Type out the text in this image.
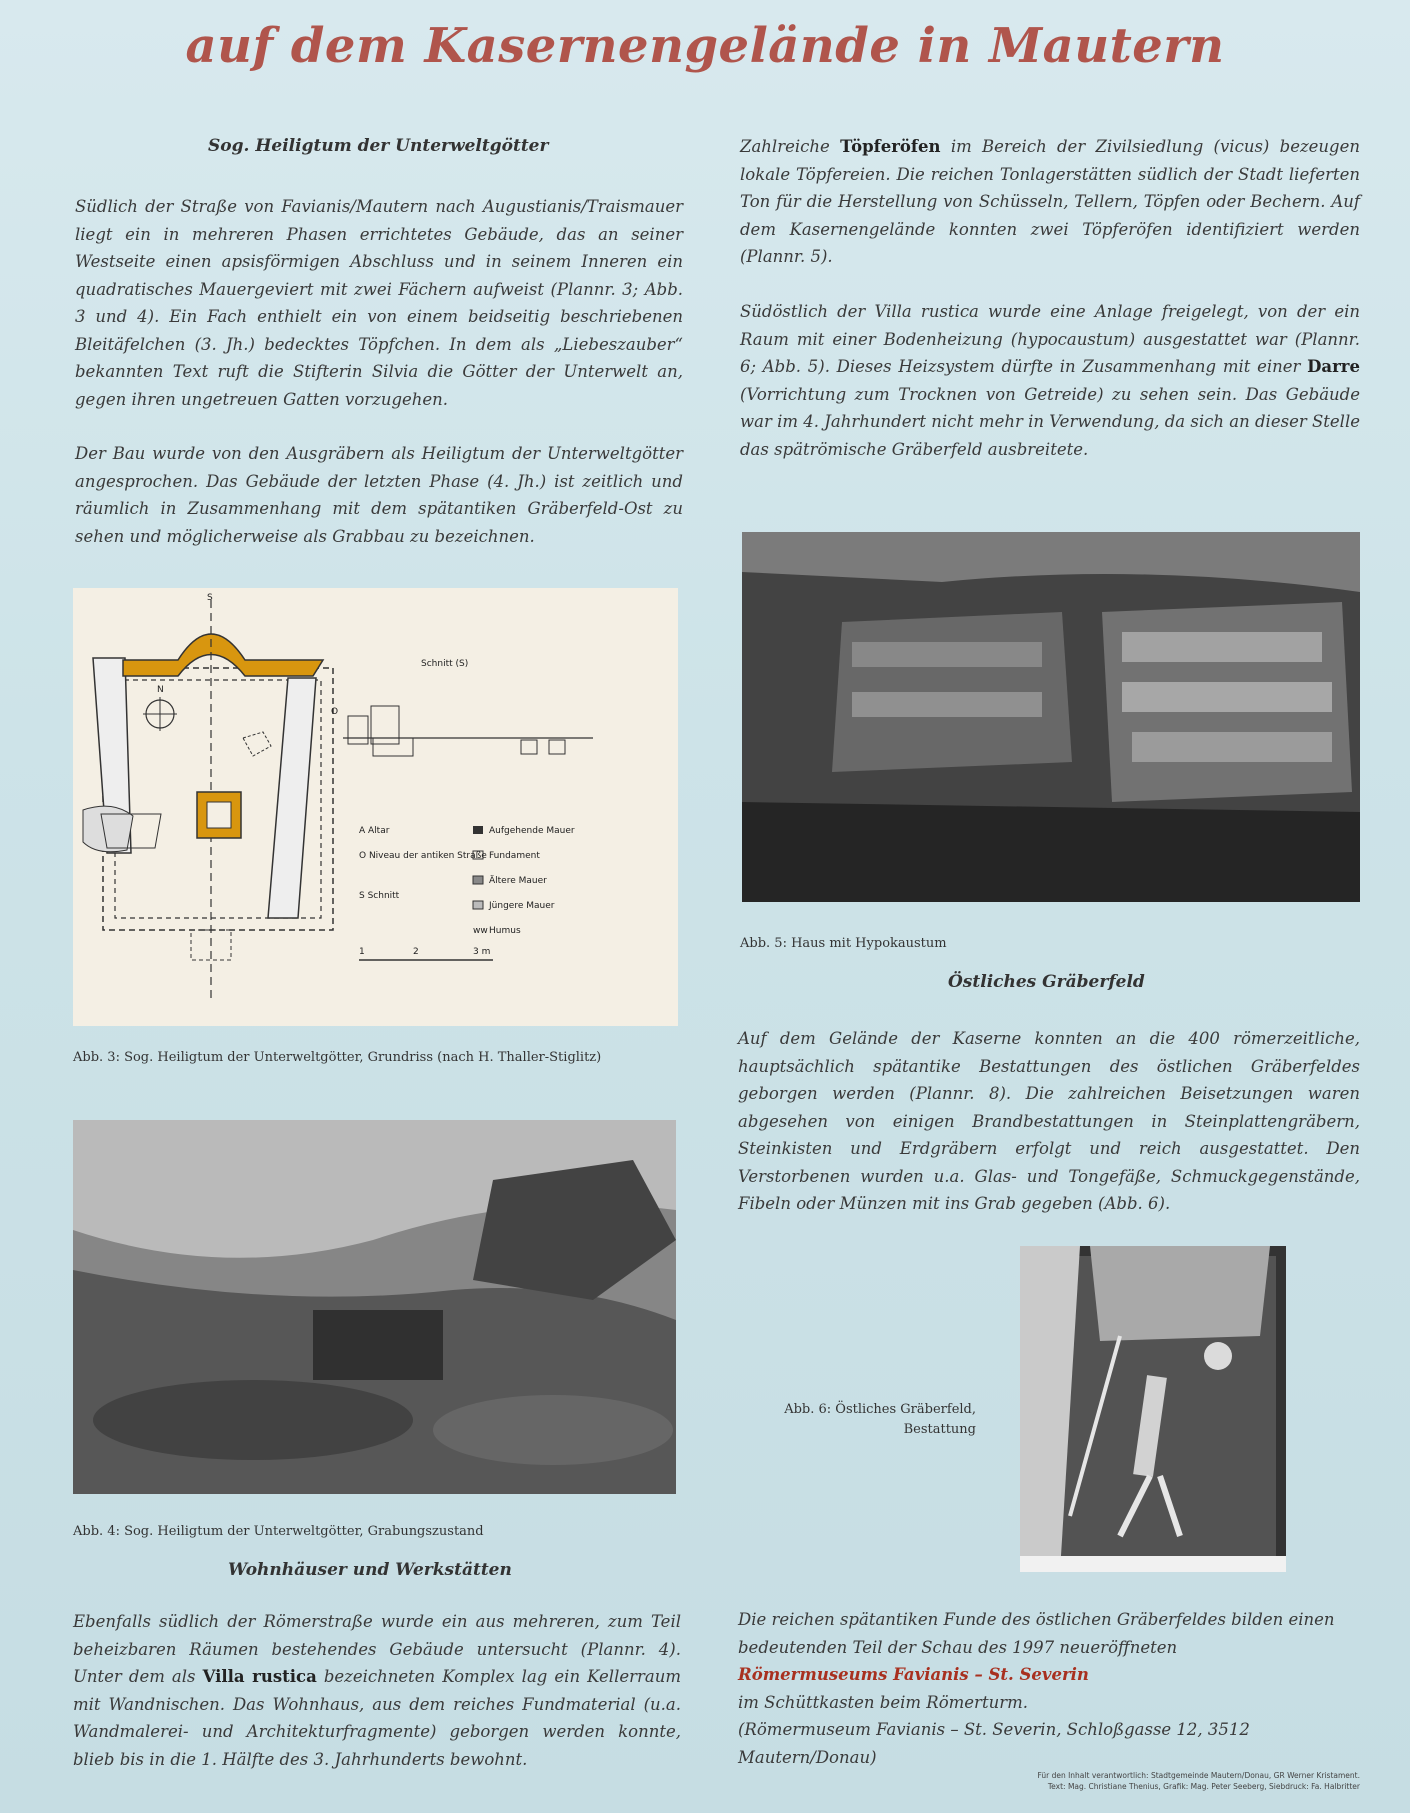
auf dem Kasernengelände in Mautern
Sog. Heiligtum der Unterweltgötter
Südlich der Straße von Favianis/Mautern nach Augustianis/Traismauer liegt ein in mehreren Phasen errichtetes Gebäude, das an seiner Westseite einen apsisförmigen Abschluss und in seinem Inneren ein quadratisches Mauergeviert mit zwei Fächern aufweist (Plannr. 3; Abb. 3 und 4). Ein Fach enthielt ein von einem beidseitig beschriebenen Bleitäfelchen (3. Jh.) bedecktes Töpfchen. In dem als „Liebeszauber“ bekannten Text ruft die Stifterin Silvia die Götter der Unterwelt an, gegen ihren ungetreuen Gatten vorzugehen.
Der Bau wurde von den Ausgräbern als Heiligtum der Unterweltgötter angesprochen. Das Gebäude der letzten Phase (4. Jh.) ist zeitlich und räumlich in Zusammenhang mit dem spätantiken Gräberfeld-Ost zu sehen und möglicherweise als Grabbau zu bezeichnen.
S
N
Schnitt (S)
O
A Altar
O Niveau der antiken Straße
S Schnitt
Aufgehende Mauer
Fundament
Ältere Mauer
Jüngere Mauer
ww Humus
1	2	3 m
Abb. 3: Sog. Heiligtum der Unterweltgötter, Grundriss (nach H. Thaller-Stiglitz)
Abb. 4: Sog. Heiligtum der Unterweltgötter, Grabungszustand
Wohnhäuser und Werkstätten
Ebenfalls südlich der Römerstraße wurde ein aus mehreren, zum Teil beheizbaren Räumen bestehendes Gebäude untersucht (Plannr. 4). Unter dem als Villa rustica bezeichneten Komplex lag ein Kellerraum mit Wandnischen. Das Wohnhaus, aus dem reiches Fundmaterial (u.a. Wandmalerei- und Architekturfragmente) geborgen werden konnte, blieb bis in die 1. Hälfte des 3. Jahrhunderts bewohnt.
Zahlreiche Töpferöfen im Bereich der Zivilsiedlung (vicus) bezeugen lokale Töpfereien. Die reichen Tonlagerstätten südlich der Stadt lieferten Ton für die Herstellung von Schüsseln, Tellern, Töpfen oder Bechern. Auf dem Kasernengelände konnten zwei Töpferöfen identifiziert werden (Plannr. 5).
Südöstlich der Villa rustica wurde eine Anlage freigelegt, von der ein Raum mit einer Bodenheizung (hypocaustum) ausgestattet war (Plannr. 6; Abb. 5). Dieses Heizsystem dürfte in Zusammenhang mit einer Darre (Vorrichtung zum Trocknen von Getreide) zu sehen sein. Das Gebäude war im 4. Jahrhundert nicht mehr in Verwendung, da sich an dieser Stelle das spätrömische Gräberfeld ausbreitete.
Abb. 5: Haus mit Hypokaustum
Östliches Gräberfeld
Auf dem Gelände der Kaserne konnten an die 400 römerzeitliche, hauptsächlich spätantike Bestattungen des östlichen Gräberfeldes geborgen werden (Plannr. 8). Die zahlreichen Beisetzungen waren abgesehen von einigen Brandbestattungen in Steinplattengräbern, Steinkisten und Erdgräbern erfolgt und reich ausgestattet. Den Verstorbenen wurden u.a. Glas- und Tongefäße, Schmuckgegenstände, Fibeln oder Münzen mit ins Grab gegeben (Abb. 6).
Abb. 6: Östliches Gräberfeld,
Bestattung
Die reichen spätantiken Funde des östlichen Gräberfeldes bilden einen bedeutenden Teil der Schau des 1997 neueröffneten
Römermuseums Favianis – St. Severin
im Schüttkasten beim Römerturm.
(Römermuseum Favianis – St. Severin, Schloßgasse 12, 3512 Mautern/Donau)
Für den Inhalt verantwortlich: Stadtgemeinde Mautern/Donau, GR Werner Kristament.
Text: Mag. Christiane Thenius, Grafik: Mag. Peter Seeberg, Siebdruck: Fa. Halbritter
